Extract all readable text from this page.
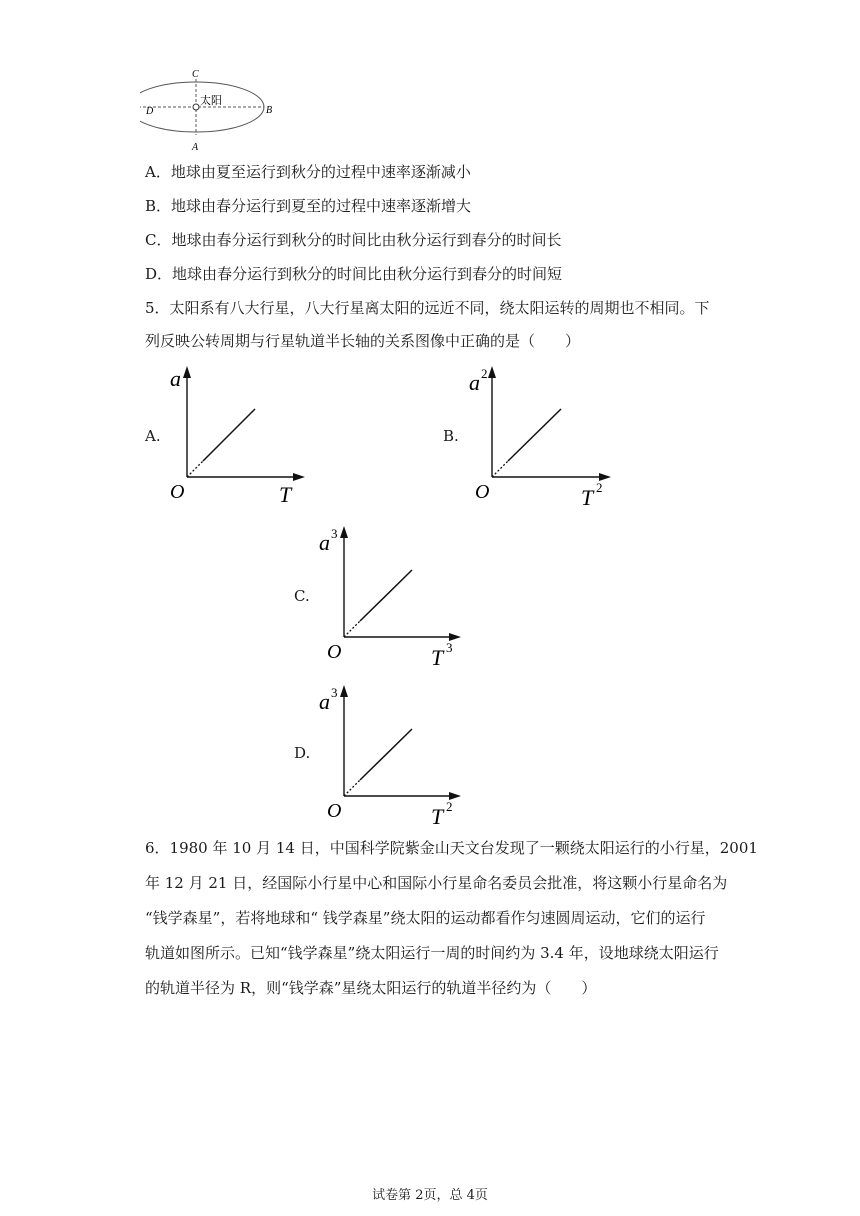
太阳
C
A
D	B
A．地球由夏至运行到秋分的过程中速率逐渐减小
B．地球由春分运行到夏至的过程中速率逐渐增大
C．地球由春分运行到秋分的时间比由秋分运行到春分的时间长
D．地球由春分运行到秋分的时间比由秋分运行到春分的时间短
5．太阳系有八大行星，八大行星离太阳的远近不同，绕太阳运转的周期也不相同。下
列反映公转周期与行星轨道半长轴的关系图像中正确的是（　　）
A.
a
O	T
B.
a 2
O	T 2
C.
a 3
O	T 3
D.
a 3
O	T 2
6．1980 年 10 月 14 日，中国科学院紫金山天文台发现了一颗绕太阳运行的小行星，2001
年 12 月 21 日，经国际小行星中心和国际小行星命名委员会批准，将这颗小行星命名为
“钱学森星”，若将地球和“ 钱学森星”绕太阳的运动都看作匀速圆周运动，它们的运行
轨道如图所示。已知“钱学森星”绕太阳运行一周的时间约为 3.4 年，设地球绕太阳运行
的轨道半径为 R，则“钱学森”星绕太阳运行的轨道半径约为（　　）
试卷第 2页，总 4页
